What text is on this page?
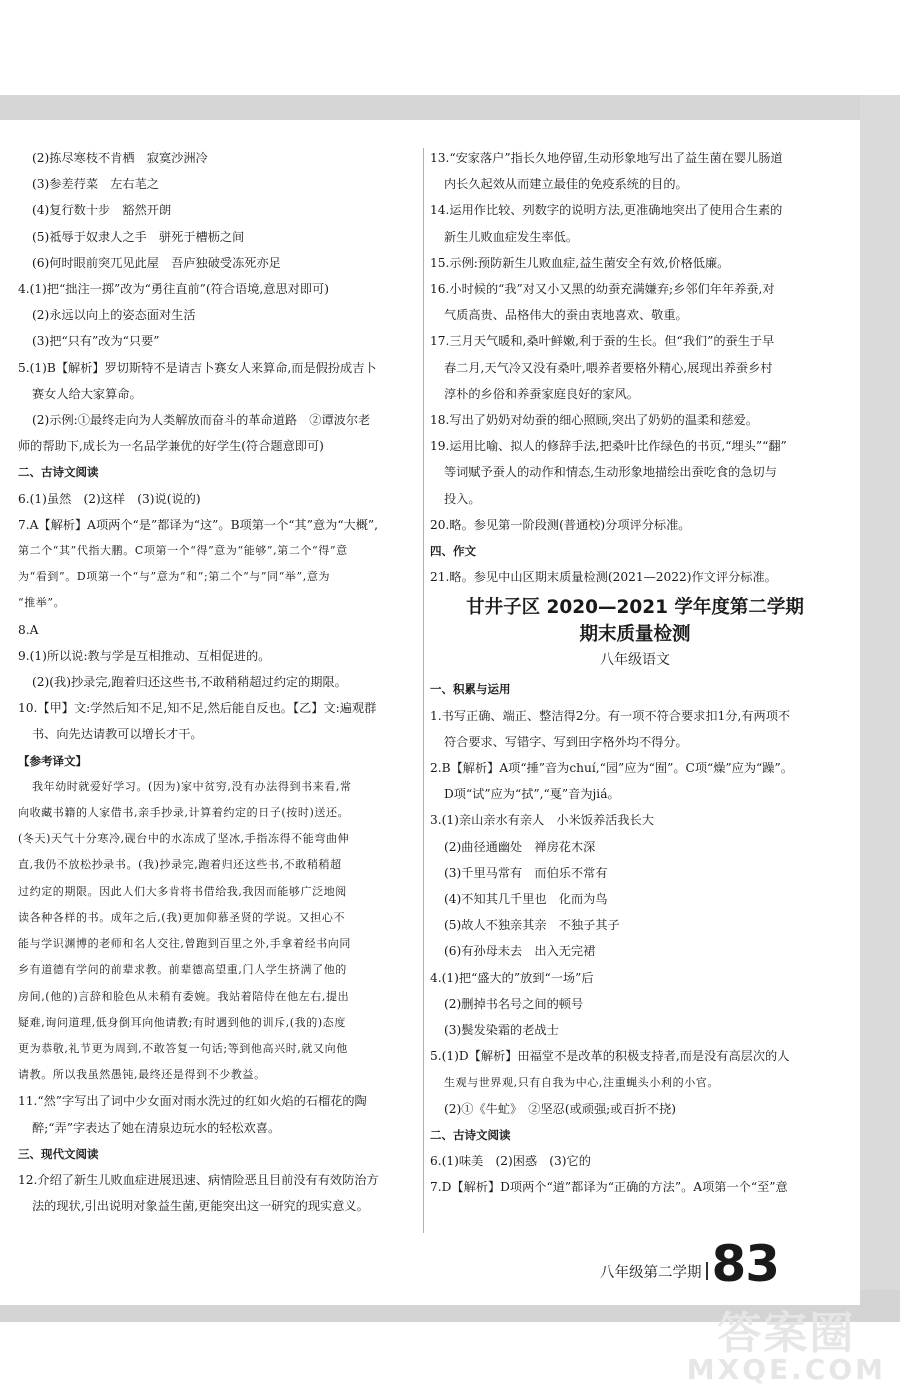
(2)拣尽寒枝不肯栖　寂寞沙洲冷
(3)参差荇菜　左右芼之
(4)复行数十步　豁然开朗
(5)祗辱于奴隶人之手　骈死于槽枥之间
(6)何时眼前突兀见此屋　吾庐独破受冻死亦足
4.(1)把“拙注一掷”改为“勇往直前”(符合语境,意思对即可)
(2)永远以向上的姿态面对生活
(3)把“只有”改为“只要”
5.(1)B【解析】罗切斯特不是请吉卜赛女人来算命,而是假扮成吉卜
赛女人给大家算命。
(2)示例:①最终走向为人类解放而奋斗的革命道路　②谭波尔老
师的帮助下,成长为一名品学兼优的好学生(符合题意即可)
二、古诗文阅读
6.(1)虽然　(2)这样　(3)说(说的)
7.A【解析】A项两个“是”都译为“这”。B项第一个“其”意为“大概”,
第二个“其”代指大鹏。C项第一个“得”意为“能够”,第二个“得”意
为“看到”。D项第一个“与”意为“和”;第二个“与”同“举”,意为
“推举”。
8.A
9.(1)所以说:教与学是互相推动、互相促进的。
(2)(我)抄录完,跑着归还这些书,不敢稍稍超过约定的期限。
10.【甲】文:学然后知不足,知不足,然后能自反也。【乙】文:遍观群
书、向先达请教可以增长才干。
【参考译文】
我年幼时就爱好学习。(因为)家中贫穷,没有办法得到书来看,常
向收藏书籍的人家借书,亲手抄录,计算着约定的日子(按时)送还。
(冬天)天气十分寒冷,砚台中的水冻成了坚冰,手指冻得不能弯曲伸
直,我仍不放松抄录书。(我)抄录完,跑着归还这些书,不敢稍稍超
过约定的期限。因此人们大多肯将书借给我,我因而能够广泛地阅
读各种各样的书。成年之后,(我)更加仰慕圣贤的学说。又担心不
能与学识渊博的老师和名人交往,曾跑到百里之外,手拿着经书向同
乡有道德有学问的前辈求教。前辈德高望重,门人学生挤满了他的
房间,(他的)言辞和脸色从未稍有委婉。我站着陪侍在他左右,提出
疑难,询问道理,低身倒耳向他请教;有时遇到他的训斥,(我的)态度
更为恭敬,礼节更为周到,不敢答复一句话;等到他高兴时,就又向他
请教。所以我虽然愚钝,最终还是得到不少教益。
11.“然”字写出了词中少女面对雨水洗过的红如火焰的石榴花的陶
醉;“弄”字表达了她在清泉边玩水的轻松欢喜。
三、现代文阅读
12.介绍了新生儿败血症进展迅速、病情险恶且目前没有有效防治方
法的现状,引出说明对象益生菌,更能突出这一研究的现实意义。
13.“安家落户”指长久地停留,生动形象地写出了益生菌在婴儿肠道
内长久起效从而建立最佳的免疫系统的目的。
14.运用作比较、列数字的说明方法,更准确地突出了使用合生素的
新生儿败血症发生率低。
15.示例:预防新生儿败血症,益生菌安全有效,价格低廉。
16.小时候的“我”对又小又黑的幼蚕充满嫌弃;乡邻们年年养蚕,对
气质高贵、品格伟大的蚕由衷地喜欢、敬重。
17.三月天气暖和,桑叶鲜嫩,利于蚕的生长。但“我们”的蚕生于早
春二月,天气冷又没有桑叶,喂养者要格外精心,展现出养蚕乡村
淳朴的乡俗和养蚕家庭良好的家风。
18.写出了奶奶对幼蚕的细心照顾,突出了奶奶的温柔和慈爱。
19.运用比喻、拟人的修辞手法,把桑叶比作绿色的书页,“埋头”“翻”
等词赋予蚕人的动作和情态,生动形象地描绘出蚕吃食的急切与
投入。
20.略。参见第一阶段测(普通校)分项评分标准。
四、作文
21.略。参见中山区期末质量检测(2021—2022)作文评分标准。
甘井子区 2020—2021 学年度第二学期
期末质量检测
八年级语文
一、积累与运用
1.书写正确、端正、整洁得2分。有一项不符合要求扣1分,有两项不
符合要求、写错字、写到田字格外均不得分。
2.B【解析】A项“捶”音为chuí,“园”应为“囿”。C项“燥”应为“躁”。
D项“试”应为“拭”,“戛”音为jiá。
3.(1)亲山亲水有亲人　小米饭养活我长大
(2)曲径通幽处　禅房花木深
(3)千里马常有　而伯乐不常有
(4)不知其几千里也　化而为鸟
(5)故人不独亲其亲　不独子其子
(6)有孙母未去　出入无完裙
4.(1)把“盛大的”放到“一场”后
(2)删掉书名号之间的顿号
(3)鬓发染霜的老战士
5.(1)D【解析】田福堂不是改革的积极支持者,而是没有高层次的人
生观与世界观,只有自我为中心,注重蝇头小利的小官。
(2)①《牛虻》　②坚忍(或顽强;或百折不挠)
二、古诗文阅读
6.(1)味美　(2)困惑　(3)它的
7.D【解析】D项两个“道”都译为“正确的方法”。A项第一个“至”意
八年级第二学期 83
答案圈
MXQE.COM
